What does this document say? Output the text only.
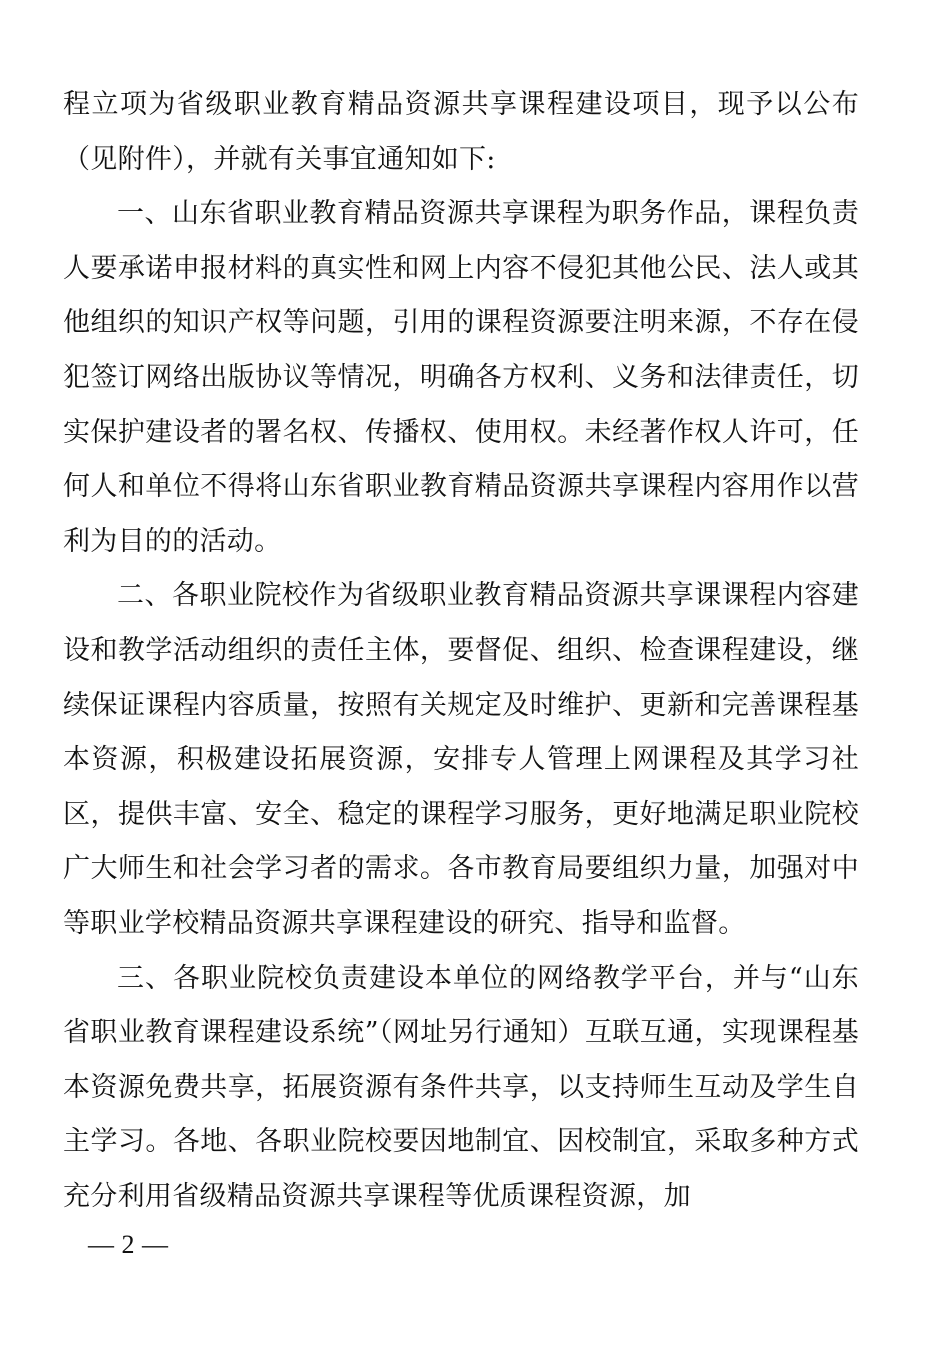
程立项为省级职业教育精品资源共享课程建设项目，现予以公布（见附件），并就有关事宜通知如下:

一、山东省职业教育精品资源共享课程为职务作品，课程负责人要承诺申报材料的真实性和网上内容不侵犯其他公民、法人或其他组织的知识产权等问题，引用的课程资源要注明来源，不存在侵犯签订网络出版协议等情况，明确各方权利、义务和法律责任，切实保护建设者的署名权、传播权、使用权。未经著作权人许可，任何人和单位不得将山东省职业教育精品资源共享课程内容用作以营利为目的的活动。

二、各职业院校作为省级职业教育精品资源共享课课程内容建设和教学活动组织的责任主体，要督促、组织、检查课程建设，继续保证课程内容质量，按照有关规定及时维护、更新和完善课程基本资源，积极建设拓展资源，安排专人管理上网课程及其学习社区，提供丰富、安全、稳定的课程学习服务，更好地满足职业院校广大师生和社会学习者的需求。各市教育局要组织力量，加强对中等职业学校精品资源共享课程建设的研究、指导和监督。

三、各职业院校负责建设本单位的网络教学平台，并与“山东省职业教育课程建设系统”（网址另行通知）互联互通，实现课程基本资源免费共享，拓展资源有条件共享，以支持师生互动及学生自主学习。各地、各职业院校要因地制宜、因校制宜，采取多种方式充分利用省级精品资源共享课程等优质课程资源，加

— 2 —
